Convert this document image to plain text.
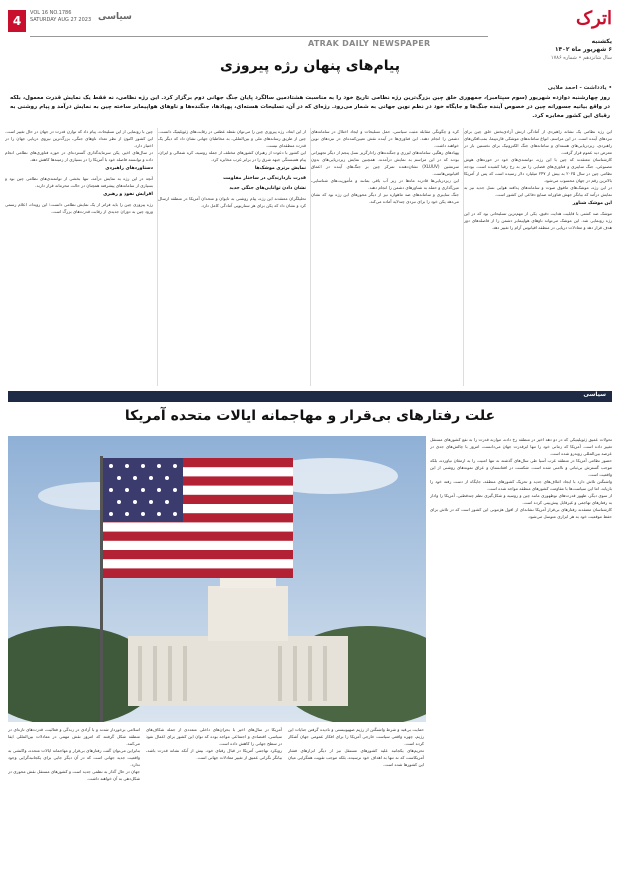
4
VOL 16 NO.1786
SATURDAY AUG 27 2023 سیاسی
ATRAK DAILY NEWSPAPER
اترک
یکشنبه
۶ شهریور ماه ۱۴۰۲
سال شانزدهم • شماره ۱۷۸۶
پیام‌های پنهان رژه پیروزی
• یادداشت - احمد ملایی
روز چهارشنبه دوازده شهریور (سوم سپتامبر)، جمهوری خلق چین بزرگ‌ترین رژه نظامی تاریخ خود را به مناسبت هشتادمین سالگرد پایان جنگ جهانی دوم برگزار کرد. این رژه نظامی، نه فقط یک نمایش قدرت معمول، بلکه در واقع بیانیه جسورانه چین در خصوص آینده جنگ‌ها و جایگاه خود در نظم نوین جهانی به شمار می‌رود. رژه‌ای که در آن، تسلیحات هسته‌ای، پهپادها، جنگنده‌ها و ناوهای هواپیمابر ساخته چین به نمایش درآمد و پیام روشنی به رقبای این کشور مخابره کرد.

این رژه نظامی یک نشانه راهبردی از آمادگی ارتش آزادی‌بخش خلق چین برای نبردهای آینده است. در این مراسم، انواع سامانه‌های موشکی قاره‌پیما، بمب‌افکن‌های راهبردی، زیردریایی‌های هسته‌ای و سامانه‌های جنگ الکترونیک برای نخستین بار در معرض دید عموم قرار گرفت.

کارشناسان معتقدند که چین با این رژه، توانمندی‌های خود در حوزه‌های هوش مصنوعی، جنگ سایبری و فناوری‌های فضایی را نیز به رخ رقبا کشیده است. بودجه نظامی چین در سال ۲۰۲۵ به بیش از ۲۴۷ میلیارد دلار رسیده است که پس از آمریکا بالاترین رقم در جهان محسوب می‌شود.

در این رژه، موشک‌های مافوق صوت و سامانه‌های پدافند هوایی نسل جدید نیز به نمایش درآمد که بیانگر جهش فناورانه صنایع دفاعی این کشور است.

این موشک شناور

موشک ضد کشتی با قابلیت هدایت دقیق، یکی از مهم‌ترین تسلیحاتی بود که در این رژه رونمایی شد. این موشک می‌تواند ناوهای هواپیمابر دشمن را از فاصله‌های دور هدف قرار دهد و معادلات دریایی در منطقه اقیانوس آرام را تغییر دهد.

کره و چگونگی مقابله مثبت سیاسی، حمل تسلیحات و ایجاد اختلال در سامانه‌های دشمن را انجام دهند. این فناوری‌ها در آینده نقش تعیین‌کننده‌ای در نبردهای نوین خواهند داشت.

پهپادهای رهگیر، سامانه‌های لیزری و جنگنده‌های رادارگریز نسل پنجم از دیگر تجهیزاتی بودند که در این مراسم به نمایش درآمدند. همچنین نمایش زیردریایی‌های بدون سرنشین (XLUUV) نشان‌دهنده تمرکز چین بر جنگ‌های آینده در اعماق اقیانوس‌هاست.

این زیردریایی‌ها قادرند ماه‌ها در زیر آب باقی بمانند و مأموریت‌های شناسایی، مین‌گذاری و حمله به شناورهای دشمن را انجام دهند.

جنگ سایبری و سامانه‌های ضد ماهواره نیز از دیگر محورهای این رژه بود که نشان می‌دهد پکن خود را برای نبردی چندلایه آماده می‌کند.

از این ابعاد، رژه پیروزی چین را می‌توان نقطه عطفی در رقابت‌های ژئوپلیتیک دانست. چین از طریق رسانه‌های ملی و بین‌المللی، به مخاطبان جهانی نشان داد که دیگر یک قدرت منطقه‌ای نیست.

این کشور با دعوت از رهبران کشورهای مختلف از جمله روسیه، کره شمالی و ایران، پیام همبستگی جبهه شرق را در برابر غرب مخابره کرد.

نمایش برتری موشک‌ها
قدرت بازدارندگی در ساختار مقاومت
نشان دادن توانایی‌های جنگی جدید

تحلیلگران معتقدند این رژه، پیام روشنی به تایوان و متحدان آمریکا در منطقه ارسال کرد و نشان داد که پکن برای هر سناریویی آمادگی کامل دارد.

چین با رونمایی از این تسلیحات، پیام داد که توازن قدرت در جهان در حال تغییر است. این کشور اکنون از نظر تعداد ناوهای جنگی، بزرگ‌ترین نیروی دریایی جهان را در اختیار دارد.

در سال‌های اخیر، پکن سرمایه‌گذاری گسترده‌ای در حوزه فناوری‌های نظامی انجام داده و توانسته فاصله خود با آمریکا را در بسیاری از زمینه‌ها کاهش دهد.

دستاوردهای راهبردی

آنچه در این رژه به نمایش درآمد، تنها بخشی از توانمندی‌های نظامی چین بود و بسیاری از سامانه‌های پیشرفته همچنان در حالت محرمانه قرار دارند.

افزایش نفوذ و رهبری

رژه پیروزی چین را باید فراتر از یک نمایش نظامی دانست؛ این رویداد، اعلام رسمی ورود چین به دوران جدیدی از رقابت قدرت‌های بزرگ است.

سیاسی
علت رفتارهای بی‌قرار و مهاجمانه ایالات متحده آمریکا

تحولات عمیق ژئوپلیتیکی که در دو دهه اخیر در منطقه رخ داده، موازنه قدرت را به نفع کشورهای مستقل تغییر داده است. آمریکا که زمانی خود را تنها ابرقدرت جهان می‌دانست، امروز با چالش‌های جدی در عرصه بین‌المللی روبه‌رو شده است.

حضور نظامی آمریکا در منطقه غرب آسیا طی سال‌های گذشته نه تنها امنیت را به ارمغان نیاورده، بلکه موجب گسترش بی‌ثباتی و ناامنی شده است. شکست در افغانستان و عراق نمونه‌های روشنی از این واقعیت است.

واشنگتن تلاش دارد با ایجاد ائتلاف‌های جدید و تحریک کشورهای منطقه، جایگاه از دست رفته خود را بازیابد، اما این سیاست‌ها با مقاومت کشورهای منطقه مواجه شده است.

از سوی دیگر، ظهور قدرت‌های نوظهوری مانند چین و روسیه و شکل‌گیری نظم چندقطبی، آمریکا را وادار به رفتارهای تهاجمی و غیرقابل پیش‌بینی کرده است.

کارشناسان معتقدند رفتارهای بی‌قرار آمریکا نشانه‌ای از افول هژمونی این کشور است که در تلاش برای حفظ موقعیت خود به هر ابزاری متوسل می‌شود.

حمایت بی‌قید و شرط واشنگتن از رژیم صهیونیستی و نادیده گرفتن جنایات این رژیم، چهره واقعی سیاست خارجی آمریکا را برای افکار عمومی جهان آشکار کرده است.

تحریم‌های یکجانبه علیه کشورهای مستقل نیز از دیگر ابزارهای فشار آمریکاست که نه تنها به اهداف خود نرسیده، بلکه موجب تقویت همگرایی میان این کشورها شده است.

آمریکا در سال‌های اخیر با بحران‌های داخلی متعددی از جمله شکاف‌های سیاسی، اقتصادی و اجتماعی مواجه بوده که توان این کشور برای اعمال نفوذ در سطح جهانی را کاهش داده است.

رویکرد تهاجمی آمریکا در قبال رقبای خود، بیش از آنکه نشانه قدرت باشد، بیانگر نگرانی عمیق از تغییر معادلات جهانی است.

اسلامی برخوردار شدند و با آزادی در زندگی و فعالیت، قدرت‌های تازه‌ای در منطقه شکل گرفتند که امروز نقش مهمی در معادلات بین‌المللی ایفا می‌کنند.

بنابراین می‌توان گفت رفتارهای بی‌قرار و مهاجمانه ایالات متحده، واکنشی به واقعیت جدید جهانی است که در آن دیگر جایی برای یکجانبه‌گرایی وجود ندارد.

جهان در حال گذار به نظمی جدید است و کشورهای مستقل نقش محوری در شکل‌دهی به آن خواهند داشت.
